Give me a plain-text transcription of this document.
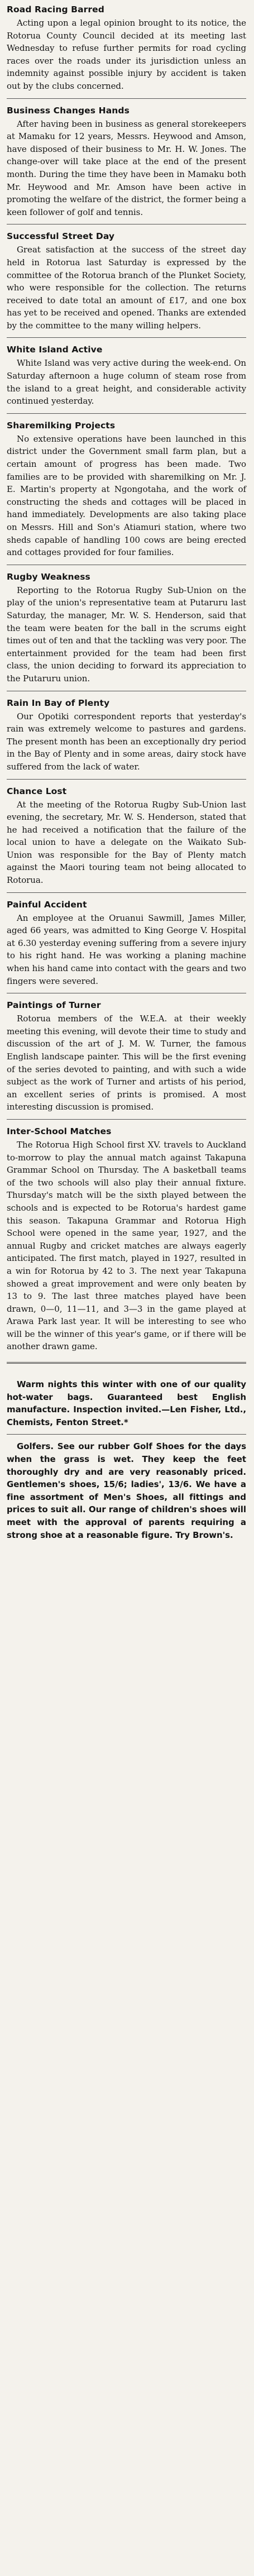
Road Racing Barred

Acting upon a legal opinion brought to its notice, the Rotorua County Council decided at its meeting last Wednesday to refuse further permits for road cycling races over the roads under its jurisdiction unless an indemnity against possible injury by accident is taken out by the clubs concerned.

Business Changes Hands

After having been in business as general storekeepers at Mamaku for 12 years, Messrs. Heywood and Amson, have disposed of their business to Mr. H. W. Jones. The change-over will take place at the end of the present month. During the time they have been in Mamaku both Mr. Heywood and Mr. Amson have been active in promoting the welfare of the district, the former being a keen follower of golf and tennis.

Successful Street Day

Great satisfaction at the success of the street day held in Rotorua last Saturday is expressed by the committee of the Rotorua branch of the Plunket Society, who were responsible for the collection. The returns received to date total an amount of £17, and one box has yet to be received and opened. Thanks are extended by the committee to the many willing helpers.

White Island Active

White Island was very active during the week-end. On Saturday afternoon a huge column of steam rose from the island to a great height, and considerable activity continued yesterday.

Sharemilking Projects

No extensive operations have been launched in this district under the Government small farm plan, but a certain amount of progress has been made. Two families are to be provided with sharemilking on Mr. J. E. Martin's property at Ngongotaha, and the work of constructing the sheds and cottages will be placed in hand immediately. Developments are also taking place on Messrs. Hill and Son's Atiamuri station, where two sheds capable of handling 100 cows are being erected and cottages provided for four families.

Rugby Weakness

Reporting to the Rotorua Rugby Sub-Union on the play of the union's representative team at Putaruru last Saturday, the manager, Mr. W. S. Henderson, said that the team were beaten for the ball in the scrums eight times out of ten and that the tackling was very poor. The entertainment provided for the team had been first class, the union deciding to forward its appreciation to the Putaruru union.

Rain In Bay of Plenty

Our Opotiki correspondent reports that yesterday's rain was extremely welcome to pastures and gardens. The present month has been an exceptionally dry period in the Bay of Plenty and in some areas, dairy stock have suffered from the lack of water.

Chance Lost

At the meeting of the Rotorua Rugby Sub-Union last evening, the secretary, Mr. W. S. Henderson, stated that he had received a notification that the failure of the local union to have a delegate on the Waikato Sub-Union was responsible for the Bay of Plenty match against the Maori touring team not being allocated to Rotorua.

Painful Accident

An employee at the Oruanui Sawmill, James Miller, aged 66 years, was admitted to King George V. Hospital at 6.30 yesterday evening suffering from a severe injury to his right hand. He was working a planing machine when his hand came into contact with the gears and two fingers were severed.

Paintings of Turner

Rotorua members of the W.E.A. at their weekly meeting this evening, will devote their time to study and discussion of the art of J. M. W. Turner, the famous English landscape painter. This will be the first evening of the series devoted to painting, and with such a wide subject as the work of Turner and artists of his period, an excellent series of prints is promised. A most interesting discussion is promised.

Inter-School Matches

The Rotorua High School first XV. travels to Auckland to-morrow to play the annual match against Takapuna Grammar School on Thursday. The A basketball teams of the two schools will also play their annual fixture. Thursday's match will be the sixth played between the schools and is expected to be Rotorua's hardest game this season. Takapuna Grammar and Rotorua High School were opened in the same year, 1927, and the annual Rugby and cricket matches are always eagerly anticipated. The first match, played in 1927, resulted in a win for Rotorua by 42 to 3. The next year Takapuna showed a great improvement and were only beaten by 13 to 9. The last three matches played have been drawn, 0—0, 11—11, and 3—3 in the game played at Arawa Park last year. It will be interesting to see who will be the winner of this year's game, or if there will be another drawn game.

Warm nights this winter with one of our quality hot-water bags. Guaranteed best English manufacture. Inspection invited.—Len Fisher, Ltd., Chemists, Fenton Street.*

Golfers. See our rubber Golf Shoes for the days when the grass is wet. They keep the feet thoroughly dry and are very reasonably priced. Gentlemen's shoes, 15/6; ladies', 13/6. We have a fine assortment of Men's Shoes, all fittings and prices to suit all. Our range of children's shoes will meet with the approval of parents requiring a strong shoe at a reasonable figure. Try Brown's.
